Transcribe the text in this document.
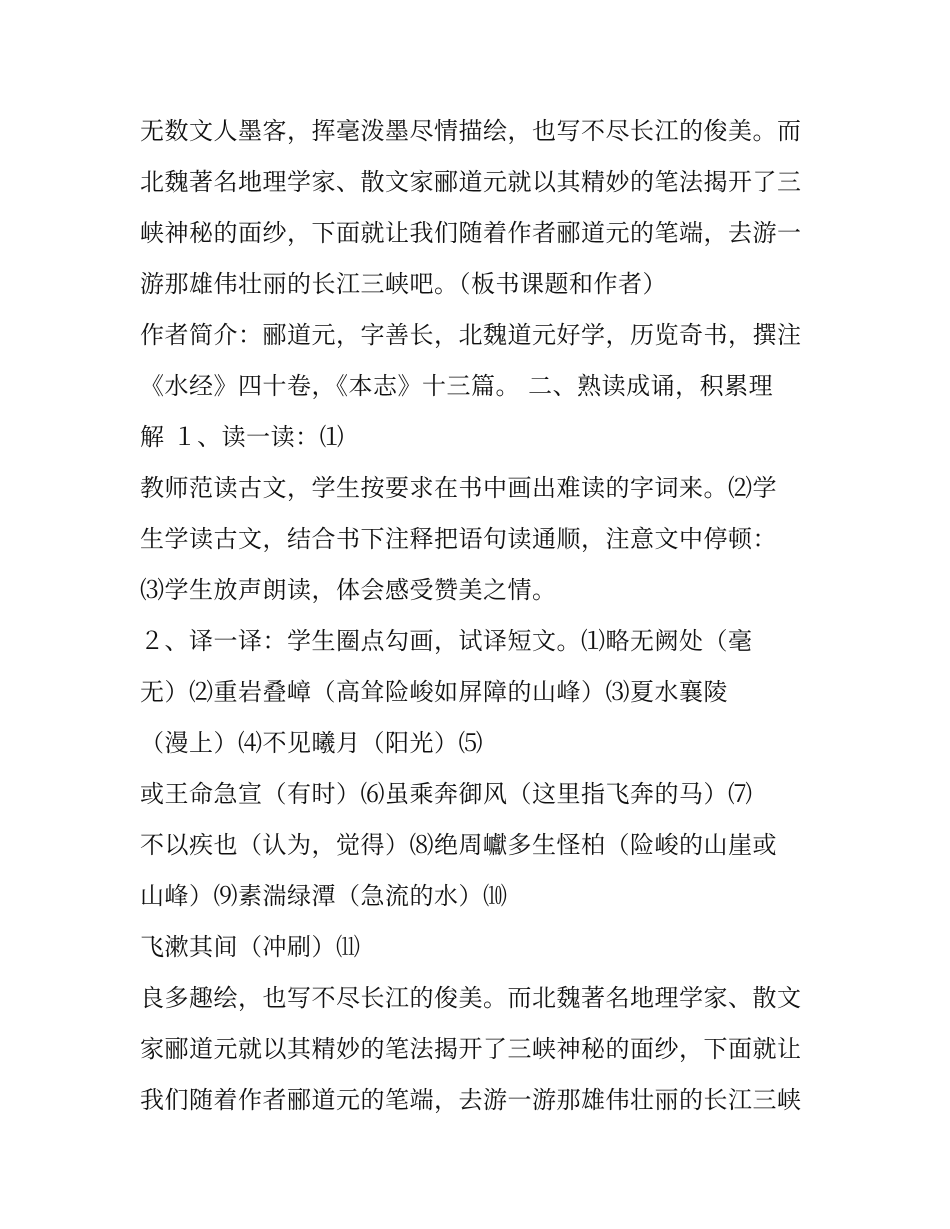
无数文人墨客，挥毫泼墨尽情描绘，也写不尽长江的俊美。而
北魏著名地理学家、散文家郦道元就以其精妙的笔法揭开了三
峡神秘的面纱，下面就让我们随着作者郦道元的笔端，去游一
游那雄伟壮丽的长江三峡吧。（板书课题和作者）
作者简介：郦道元，字善长，北魏道元好学，历览奇书，撰注
《水经》四十卷，《本志》十三篇。 二、熟读成诵，积累理
解 １、读一读：⑴
教师范读古文，学生按要求在书中画出难读的字词来。⑵学
生学读古文，结合书下注释把语句读通顺，注意文中停顿：
⑶学生放声朗读，体会感受赞美之情。
２、译一译：学生圈点勾画，试译短文。⑴略无阙处（毫
无）⑵重岩叠嶂（高耸险峻如屏障的山峰）⑶夏水襄陵
（漫上）⑷不见曦月（阳光）⑸
或王命急宣（有时）⑹虽乘奔御风（这里指飞奔的马）⑺
不以疾也（认为，觉得）⑻绝周巘多生怪柏（险峻的山崖或
山峰）⑼素湍绿潭（急流的水）⑽
飞漱其间（冲刷）⑾
良多趣绘，也写不尽长江的俊美。而北魏著名地理学家、散文
家郦道元就以其精妙的笔法揭开了三峡神秘的面纱，下面就让
我们随着作者郦道元的笔端，去游一游那雄伟壮丽的长江三峡
